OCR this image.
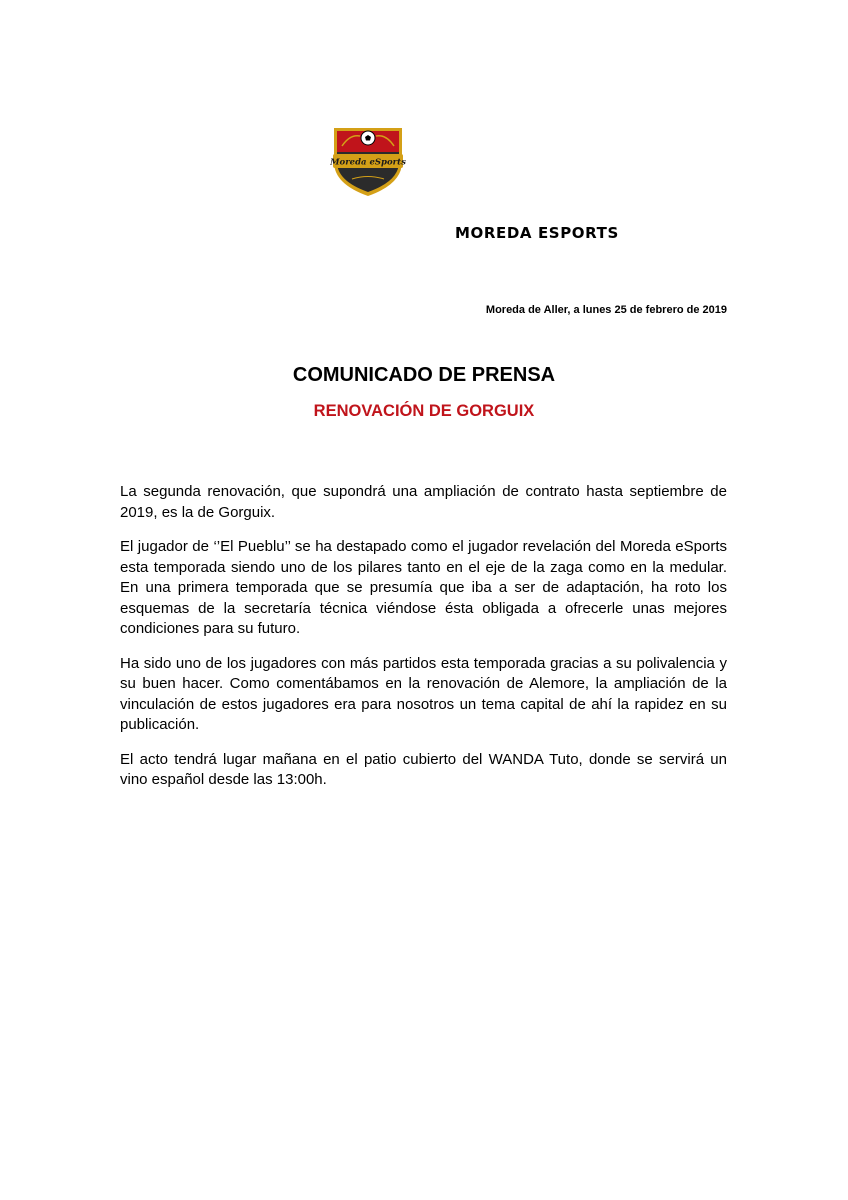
Moreda eSports
MOREDA ESPORTS

Moreda de Aller, a lunes 25 de febrero de 2019

COMUNICADO DE PRENSA
RENOVACIÓN DE GORGUIX

La segunda renovación, que supondrá una ampliación de contrato hasta septiembre de 2019, es la de Gorguix.

El jugador de ‘’El Pueblu’’ se ha destapado como el jugador revelación del Moreda eSports esta temporada siendo uno de los pilares tanto en el eje de la zaga como en la medular. En una primera temporada que se presumía que iba a ser de adaptación, ha roto los esquemas de la secretaría técnica viéndose ésta obligada a ofrecerle unas mejores condiciones para su futuro.

Ha sido uno de los jugadores con más partidos esta temporada gracias a su polivalencia y su buen hacer. Como comentábamos en la renovación de Alemore, la ampliación de la vinculación de estos jugadores era para nosotros un tema capital de ahí la rapidez en su publicación.

El acto tendrá lugar mañana en el patio cubierto del WANDA Tuto, donde se servirá un vino español desde las 13:00h.
